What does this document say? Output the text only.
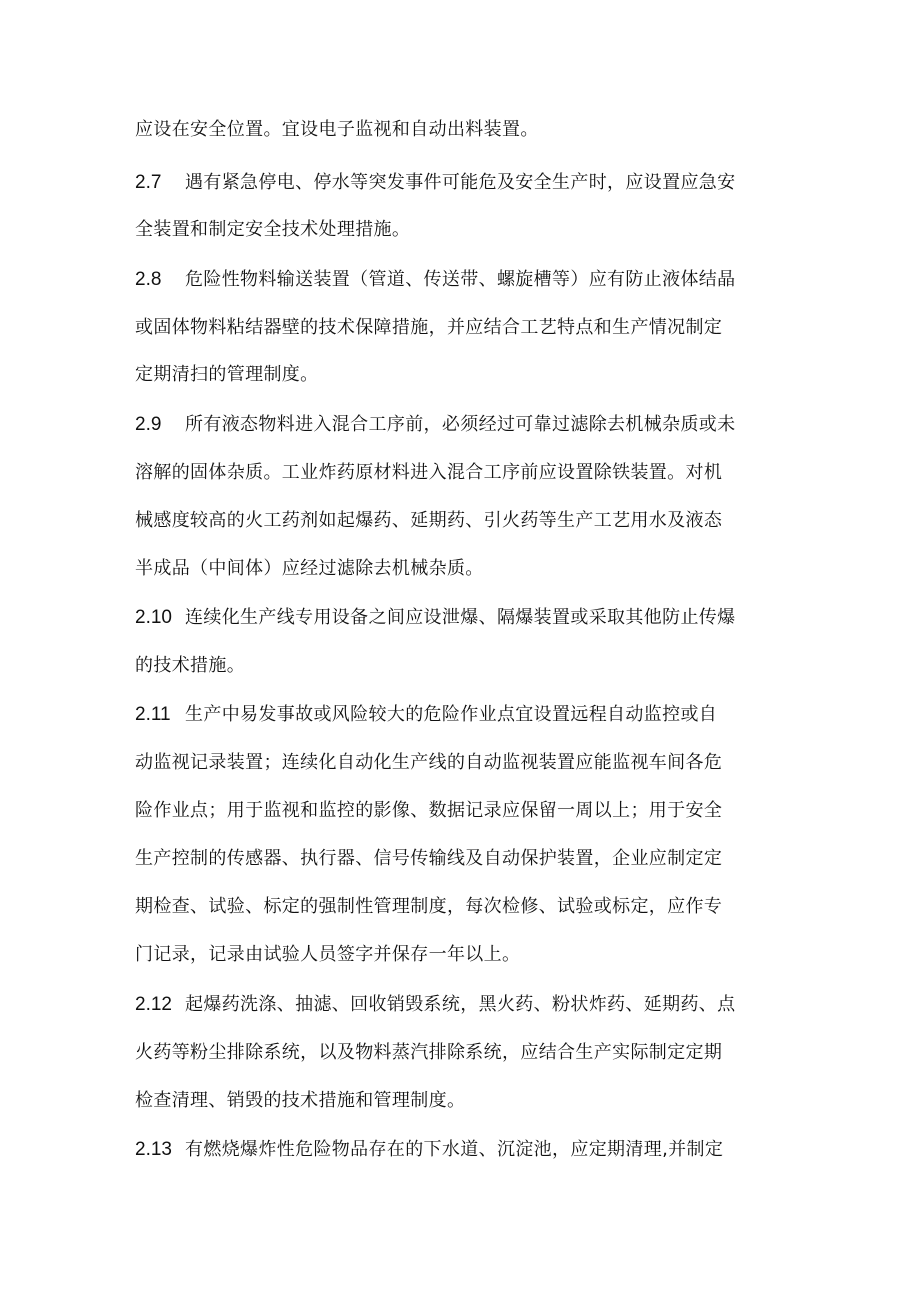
应设在安全位置。宜设电子监视和自动出料装置。
2.7 遇有紧急停电、停水等突发事件可能危及安全生产时，应设置应急安
全装置和制定安全技术处理措施。
2.8 危险性物料输送装置（管道、传送带、螺旋槽等）应有防止液体结晶
或固体物料粘结器壁的技术保障措施，并应结合工艺特点和生产情况制定
定期清扫的管理制度。
2.9 所有液态物料进入混合工序前，必须经过可靠过滤除去机械杂质或未
溶解的固体杂质。工业炸药原材料进入混合工序前应设置除铁装置。对机
械感度较高的火工药剂如起爆药、延期药、引火药等生产工艺用水及液态
半成品（中间体）应经过滤除去机械杂质。
2.10 连续化生产线专用设备之间应设泄爆、隔爆装置或采取其他防止传爆
的技术措施。
2.11 生产中易发事故或风险较大的危险作业点宜设置远程自动监控或自
动监视记录装置；连续化自动化生产线的自动监视装置应能监视车间各危
险作业点；用于监视和监控的影像、数据记录应保留一周以上；用于安全
生产控制的传感器、执行器、信号传输线及自动保护装置，企业应制定定
期检查、试验、标定的强制性管理制度，每次检修、试验或标定，应作专
门记录，记录由试验人员签字并保存一年以上。
2.12 起爆药洗涤、抽滤、回收销毁系统，黑火药、粉状炸药、延期药、点
火药等粉尘排除系统，以及物料蒸汽排除系统，应结合生产实际制定定期
检查清理、销毁的技术措施和管理制度。
2.13 有燃烧爆炸性危险物品存在的下水道、沉淀池，应定期清理,并制定
